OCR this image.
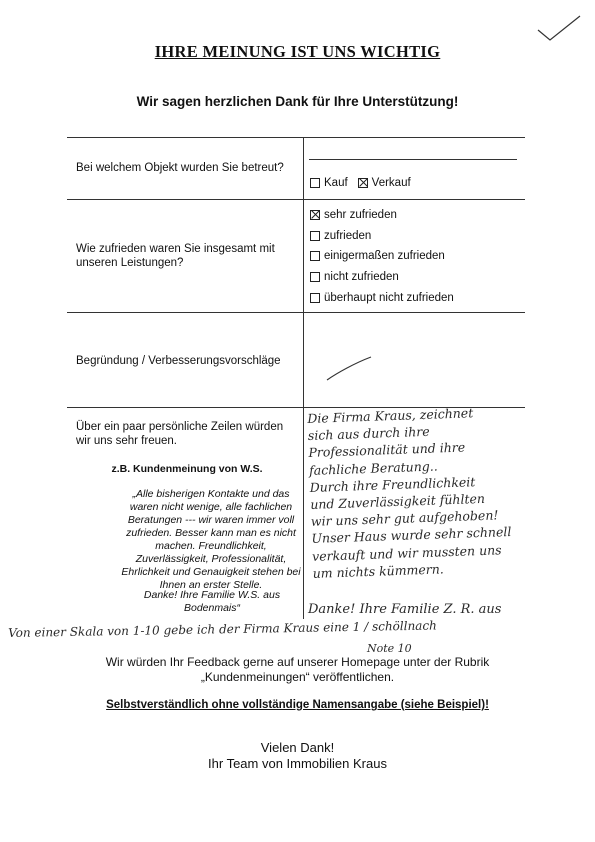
IHRE MEINUNG IST UNS WICHTIG
Wir sagen herzlichen Dank für Ihre Unterstützung!
Bei welchem Objekt wurden Sie betreut?
Kauf Verkauf
Wie zufrieden waren Sie insgesamt mit unseren Leistungen?
sehr zufrieden
zufrieden
einigermaßen zufrieden
nicht zufrieden
überhaupt nicht zufrieden
Begründung / Verbesserungsvorschläge
Über ein paar persönliche Zeilen würden wir uns sehr freuen.
z.B. Kundenmeinung von W.S.
„Alle bisherigen Kontakte und das waren nicht wenige, alle fachlichen Beratungen --- wir waren immer voll zufrieden. Besser kann man es nicht machen. Freundlichkeit, Zuverlässigkeit, Professionalität, Ehrlichkeit und Genauigkeit stehen bei Ihnen an erster Stelle.
Danke! Ihre Familie W.S. aus Bodenmais“
Die Firma Kraus, zeichnet
sich aus durch ihre
Professionalität und ihre
fachliche Beratung..
Durch ihre Freundlichkeit
und Zuverlässigkeit fühlten
wir uns sehr gut aufgehoben!
Unser Haus wurde sehr schnell
verkauft und wir mussten uns
um nichts kümmern.
Danke! Ihre Familie Z. R. aus
Von einer Skala von 1-10 gebe ich der Firma Kraus eine 1 / schöllnach
Note 10
Wir würden Ihr Feedback gerne auf unserer Homepage unter der Rubrik
„Kundenmeinungen“ veröffentlichen.
Selbstverständlich ohne vollständige Namensangabe (siehe Beispiel)!
Vielen Dank!
Ihr Team von Immobilien Kraus
